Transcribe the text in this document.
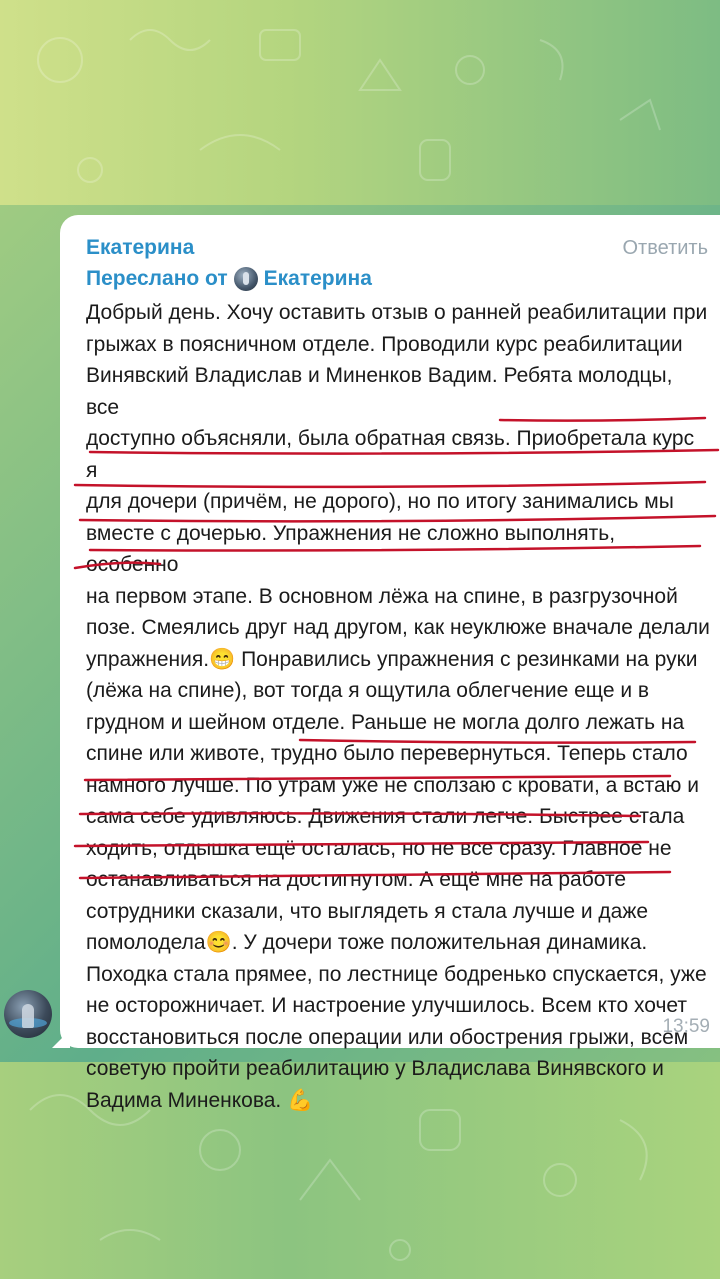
Екатерина	Ответить
Переслано от Екатерина
Добрый день. Хочу оставить отзыв о ранней реабилитации при
грыжах в поясничном отделе. Проводили курс реабилитации
Винявский Владислав и Миненков Вадим. Ребята молодцы, все
доступно объясняли, была обратная связь. Приобретала курс я
для дочери (причём, не дорого), но по итогу занимались мы
вместе с дочерью. Упражнения не сложно выполнять, особенно
на первом этапе. В основном лёжа на спине, в разгрузочной
позе. Смеялись друг над другом, как неуклюже вначале делали
упражнения.😁 Понравились упражнения с резинками на руки
(лёжа на спине), вот тогда я ощутила облегчение еще и в
грудном и шейном отделе. Раньше не могла долго лежать на
спине или животе, трудно было перевернуться. Теперь стало
намного лучше. По утрам уже не сползаю с кровати, а встаю и
сама себе удивляюсь. Движения стали легче. Быстрее стала
ходить, отдышка ещё осталась, но не все сразу. Главное не
останавливаться на достигнутом. А ещё мне на работе
сотрудники сказали, что выглядеть я стала лучше и даже
помолодела😊. У дочери тоже положительная динамика.
Походка стала прямее, по лестнице бодренько спускается, уже
не осторожничает. И настроение улучшилось. Всем кто хочет
восстановиться после операции или обострения грыжи, всем
советую пройти реабилитацию у Владислава Винявского и
Вадима Миненкова. 💪
13:59
